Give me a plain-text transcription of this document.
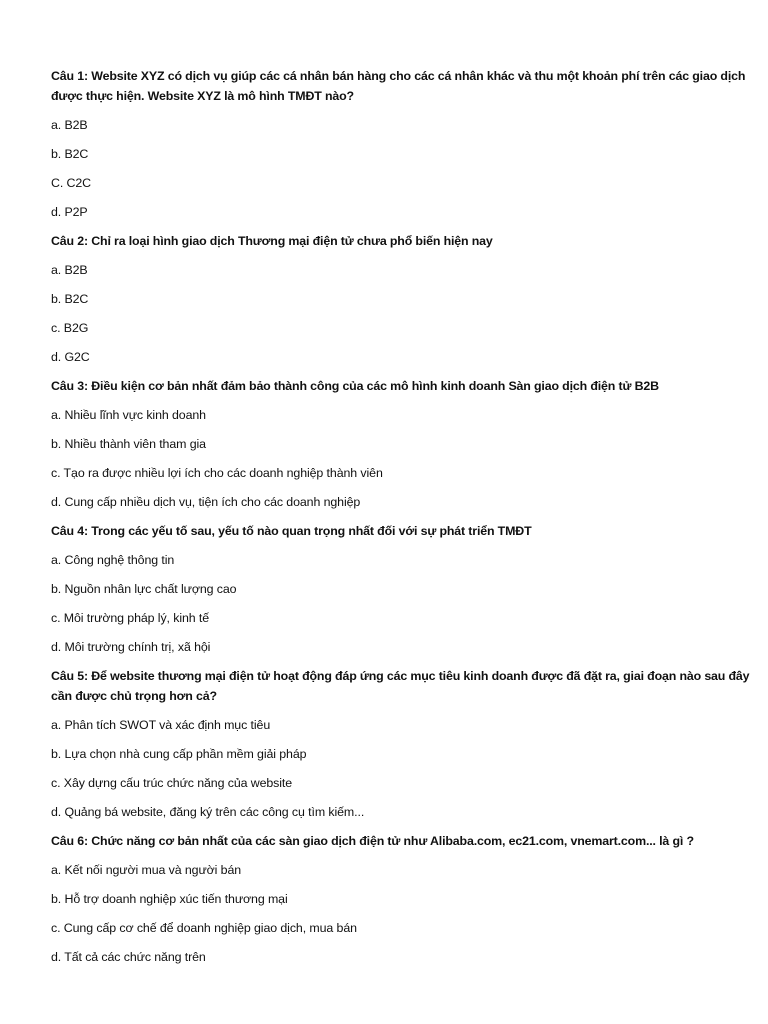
Câu 1: Website XYZ có dịch vụ giúp các cá nhân bán hàng cho các cá nhân khác và thu một khoản phí trên các giao dịch được thực hiện. Website XYZ là mô hình TMĐT nào?

a. B2B

b. B2C

C. C2C

d. P2P

Câu 2: Chỉ ra loại hình giao dịch Thương mại điện tử chưa phổ biến hiện nay

a. B2B

b. B2C

c. B2G

d. G2C

Câu 3: Điều kiện cơ bản nhất đảm bảo thành công của các mô hình kinh doanh Sàn giao dịch điện tử B2B

a. Nhiều lĩnh vực kinh doanh

b. Nhiều thành viên tham gia

c. Tạo ra được nhiều lợi ích cho các doanh nghiệp thành viên

d. Cung cấp nhiều dịch vụ, tiện ích cho các doanh nghiệp

Câu 4: Trong các yếu tố sau, yếu tố nào quan trọng nhất đối với sự phát triển TMĐT

a. Công nghệ thông tin

b. Nguồn nhân lực chất lượng cao

c. Môi trường pháp lý, kinh tế

d. Môi trường chính trị, xã hội

Câu 5: Để website thương mại điện tử hoạt động đáp ứng các mục tiêu kinh doanh được đã đặt ra, giai đoạn nào sau đây cần được chủ trọng hơn cả?

a. Phân tích SWOT và xác định mục tiêu

b. Lựa chọn nhà cung cấp phần mềm giải pháp

c. Xây dựng cấu trúc chức năng của website

d. Quảng bá website, đăng ký trên các công cụ tìm kiếm...

Câu 6: Chức năng cơ bản nhất của các sàn giao dịch điện tử như Alibaba.com, ec21.com, vnemart.com... là gì ?

a. Kết nối người mua và người bán

b. Hỗ trợ doanh nghiệp xúc tiến thương mại

c. Cung cấp cơ chế để doanh nghiệp giao dịch, mua bán

d. Tất cả các chức năng trên
